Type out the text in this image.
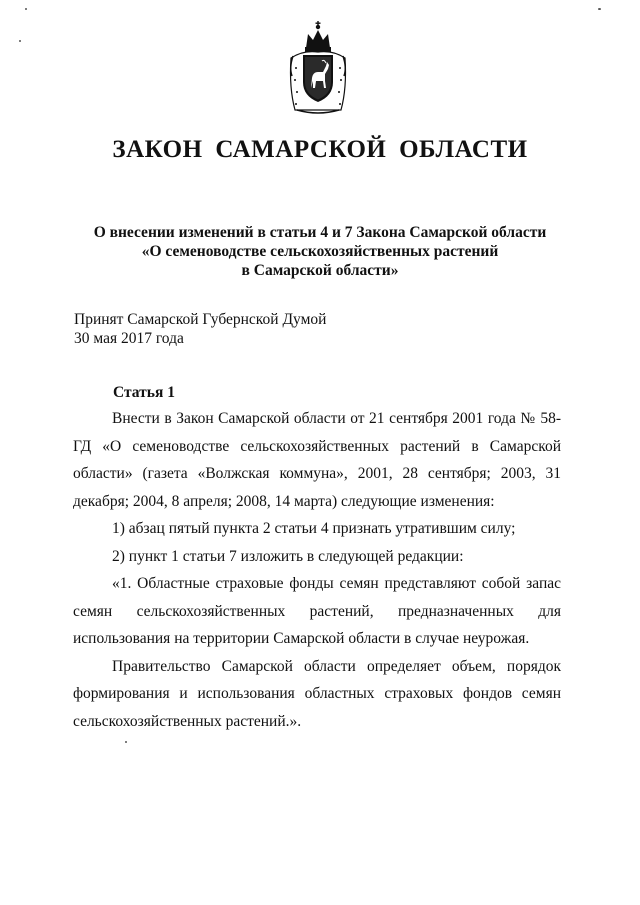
ЗАКОН САМАРСКОЙ ОБЛАСТИ
О внесении изменений в статьи 4 и 7 Закона Самарской области
«О семеноводстве сельскохозяйственных растений
в Самарской области»
Принят Самарской Губернской Думой
30 мая 2017 года
Статья 1

Внести в Закон Самарской области от 21 сентября 2001 года № 58-ГД «О семеноводстве сельскохозяйственных растений в Самарской области» (газета «Волжская коммуна», 2001, 28 сентября; 2003, 31 декабря; 2004, 8 апреля; 2008, 14 марта) следующие изменения:

1) абзац пятый пункта 2 статьи 4 признать утратившим силу;

2) пункт 1 статьи 7 изложить в следующей редакции:

«1. Областные страховые фонды семян представляют собой запас семян сельскохозяйственных растений, предназначенных для использования на территории Самарской области в случае неурожая.

Правительство Самарской области определяет объем, порядок формирования и использования областных страховых фондов семян сельскохозяйственных растений.».
